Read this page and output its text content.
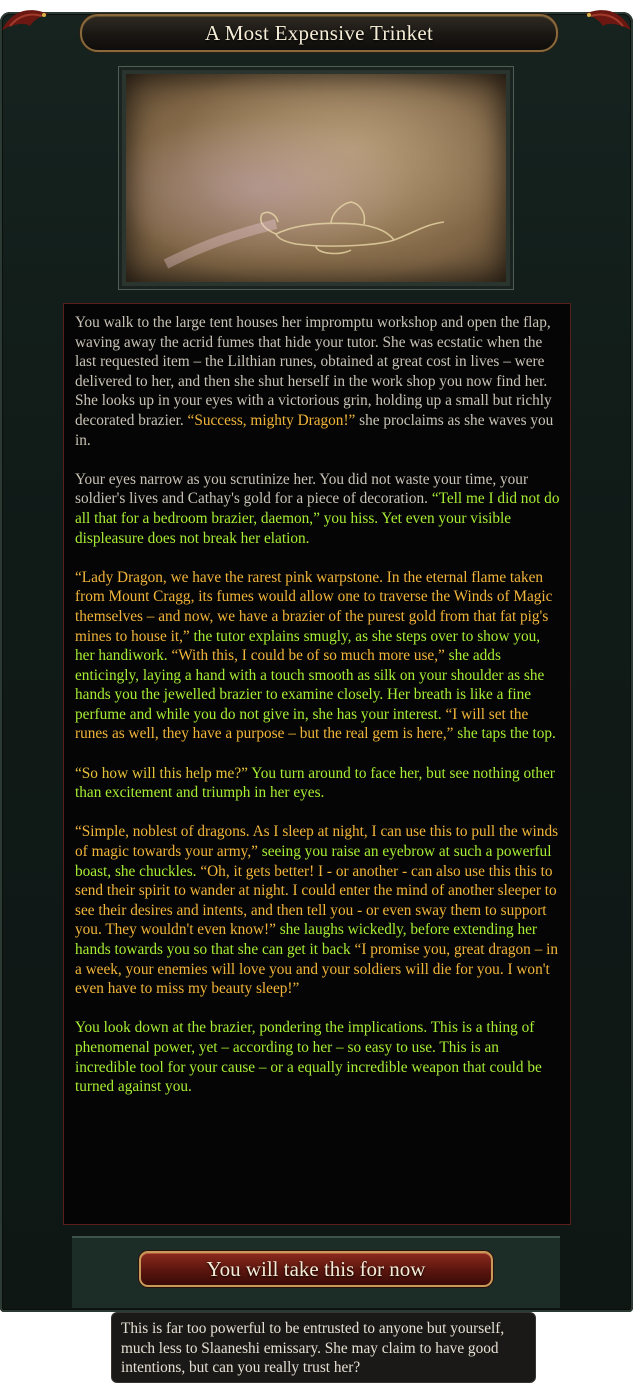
A Most Expensive Trinket

You walk to the large tent houses her impromptu workshop and open the flap, waving away the acrid fumes that hide your tutor. She was ecstatic when the last requested item – the Lilthian runes, obtained at great cost in lives – were delivered to her, and then she shut herself in the work shop you now find her. She looks up in your eyes with a victorious grin, holding up a small but richly decorated brazier. “Success, mighty Dragon!” she proclaims as she waves you in.

Your eyes narrow as you scrutinize her. You did not waste your time, your soldier's lives and Cathay's gold for a piece of decoration. “Tell me I did not do all that for a bedroom brazier, daemon,” you hiss. Yet even your visible displeasure does not break her elation.

“Lady Dragon, we have the rarest pink warpstone. In the eternal flame taken from Mount Cragg, its fumes would allow one to traverse the Winds of Magic themselves – and now, we have a brazier of the purest gold from that fat pig's mines to house it,” the tutor explains smugly, as she steps over to show you, her handiwork. “With this, I could be of so much more use,” she adds enticingly, laying a hand with a touch smooth as silk on your shoulder as she hands you the jewelled brazier to examine closely. Her breath is like a fine perfume and while you do not give in, she has your interest. “I will set the runes as well, they have a purpose – but the real gem is here,” she taps the top.

“So how will this help me?” You turn around to face her, but see nothing other than excitement and triumph in her eyes.

“Simple, noblest of dragons. As I sleep at night, I can use this to pull the winds of magic towards your army,” seeing you raise an eyebrow at such a powerful boast, she chuckles. “Oh, it gets better! I - or another - can also use this this to send their spirit to wander at night. I could enter the mind of another sleeper to see their desires and intents, and then tell you - or even sway them to support you. They wouldn't even know!” she laughs wickedly, before extending her hands towards you so that she can get it back “I promise you, great dragon – in a week, your enemies will love you and your soldiers will die for you. I won't even have to miss my beauty sleep!”

You look down at the brazier, pondering the implications. This is a thing of phenomenal power, yet – according to her – so easy to use. This is an incredible tool for your cause – or a equally incredible weapon that could be turned against you.

You will take this for now
This is far too powerful to be entrusted to anyone but yourself, much less to Slaaneshi emissary. She may claim to have good intentions, but can you really trust her?
